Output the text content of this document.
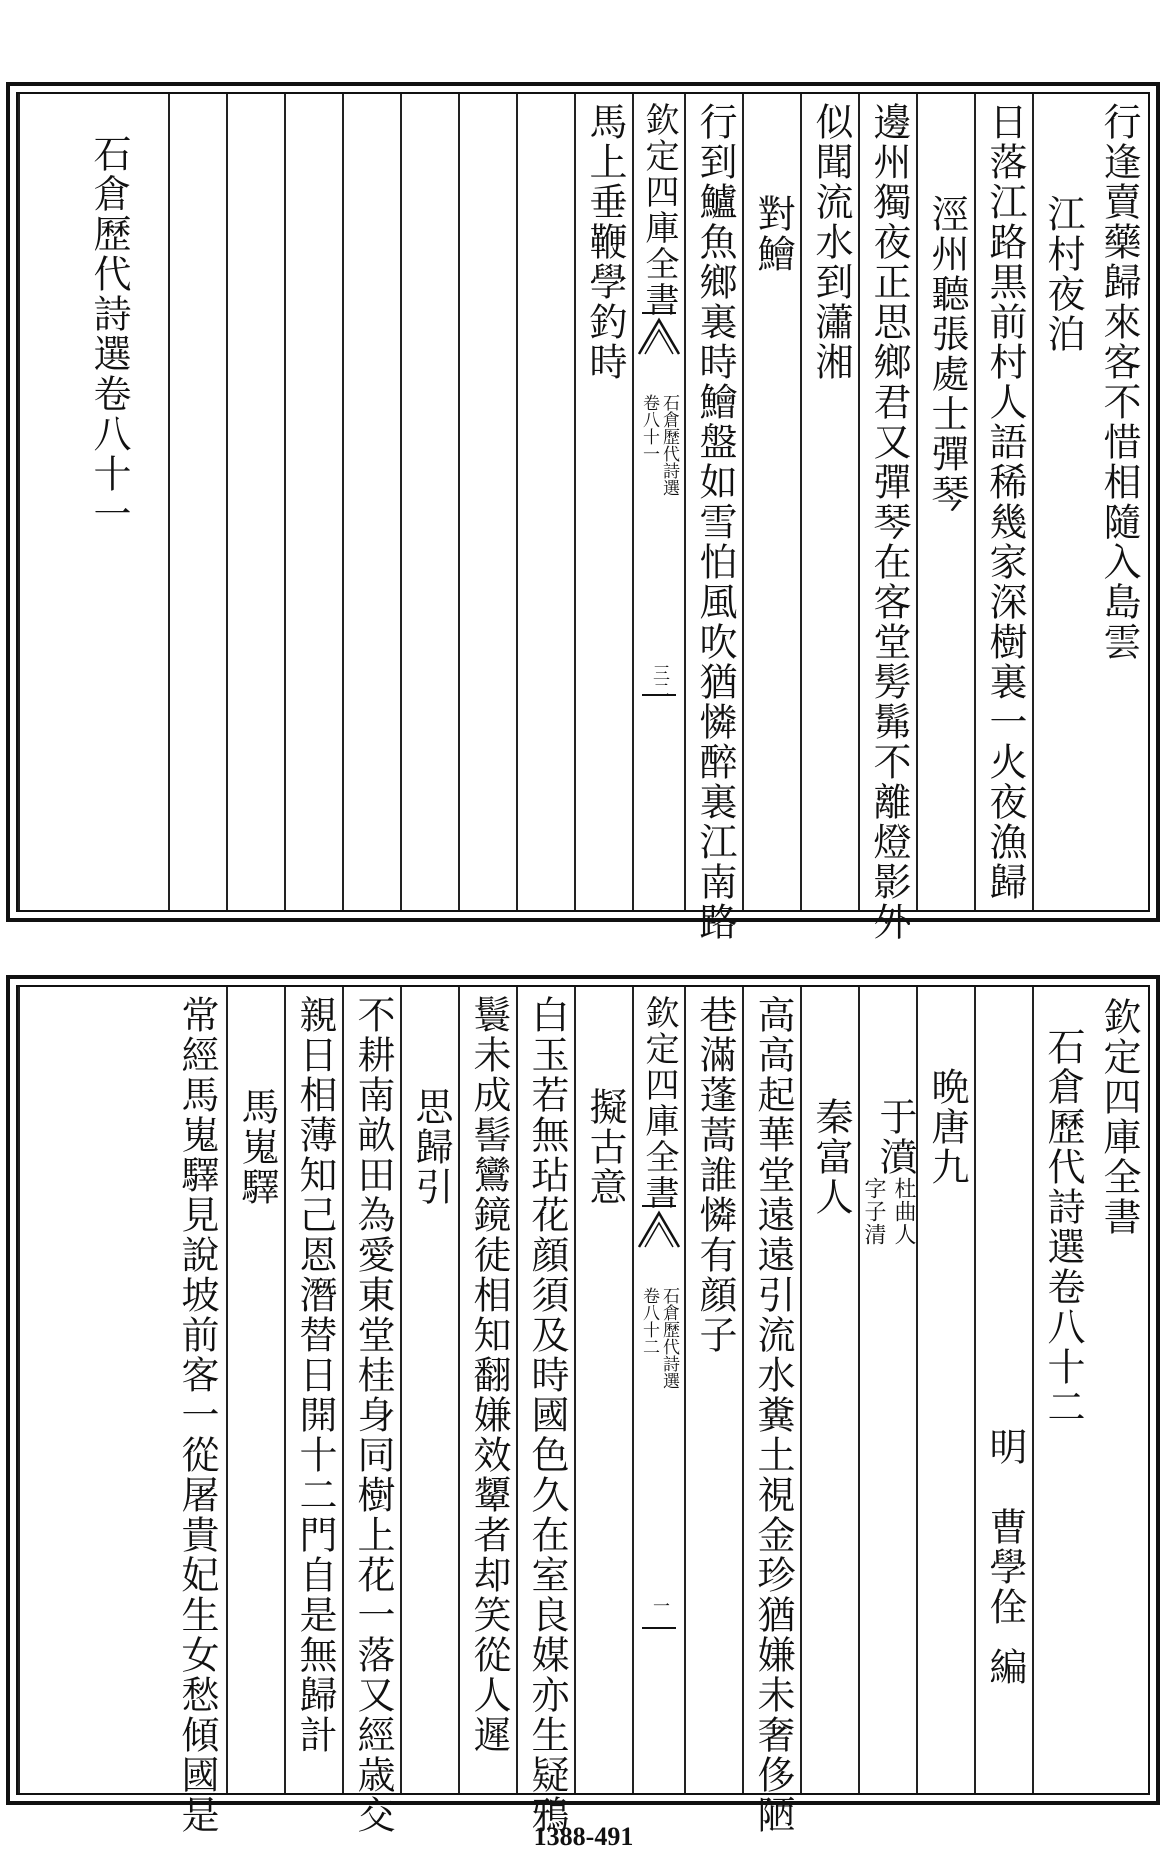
行逢賣藥歸來客不惜相隨入島雲
江村夜泊
日落江路黒前村人語稀幾家深樹裏一火夜漁歸
涇州聽張處士彈琴
邊州獨夜正思鄉君又彈琴在客堂髣髴不離燈影外
似聞流水到瀟湘
對鱠
行到鱸魚鄉裏時鱠盤如雪怕風吹猶憐醉裏江南路
欽定四庫全書
石倉歷代詩選
卷八十一
三二
馬上垂鞭學釣時
石倉歷代詩選卷八十一
欽定四庫全書
石倉歷代詩選卷八十二
明
曹學佺
編
晩唐九
于濆
字子清 杜曲人
秦富人
高高起華堂遠遠引流水糞土視金珍猶嫌未奢侈陋
巷滿蓬蒿誰憐有顔子
欽定四庫全書
石倉歷代詩選
卷八十二
一
擬古意
白玉若無玷花顔須及時國色久在室良媒亦生疑鴉
鬟未成髻鸞鏡徒相知翻嫌效顰者却笑從人遲
思歸引
不耕南畝田為愛東堂桂身同樹上花一落又經歳交
親日相薄知己恩潛替日開十二門自是無歸計
馬嵬驛
常經馬嵬驛見說坡前客一從屠貴妃生女愁傾國是
1388-491
